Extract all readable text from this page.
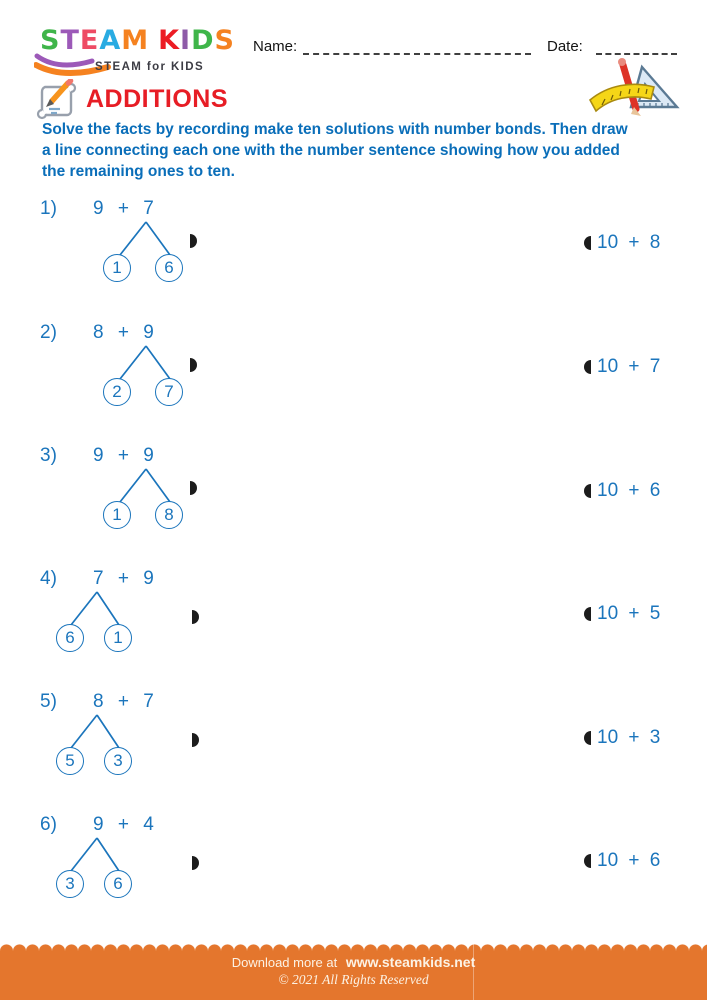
STEAM KIDS
STEAM for KIDS
Name:	Date:
ADDITIONS
Solve the facts by recording make ten solutions with number bonds. Then draw
a line connecting each one with the number sentence showing how you added
the remaining ones to ten.
1) 9 + 7
1	6
2) 8 + 9
2	7
3) 9 + 9
1	8
4) 7 + 9
6	1
5) 8 + 7
5	3
6) 9 + 4
3	6
10 + 8
10 + 7
10 + 6
10 + 5
10 + 3
10 + 6
Download more at www.steamkids.net
© 2021 All Rights Reserved
